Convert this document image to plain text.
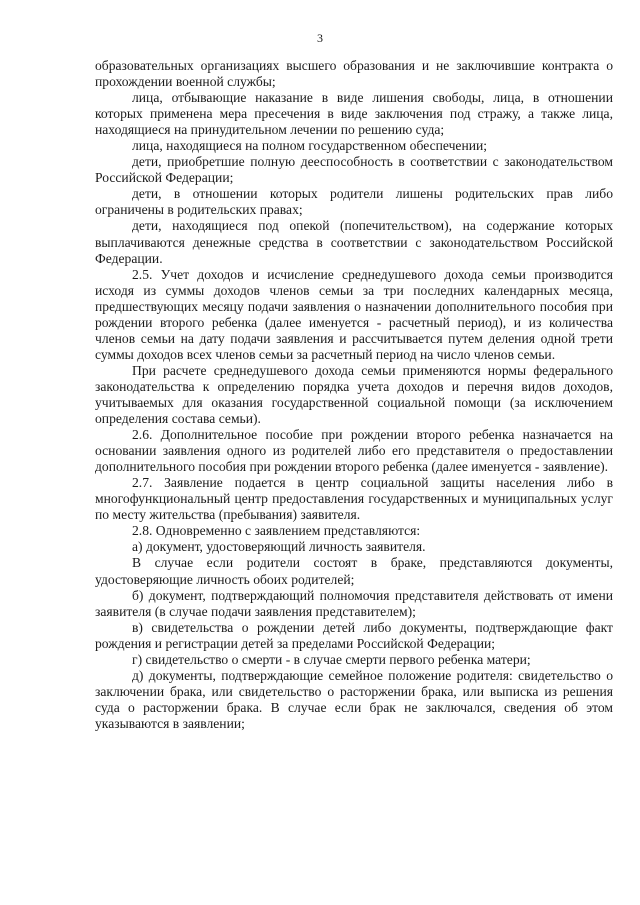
3

образовательных организациях высшего образования и не заключившие контракта о прохождении военной службы;

лица, отбывающие наказание в виде лишения свободы, лица, в отношении которых применена мера пресечения в виде заключения под стражу, а также лица, находящиеся на принудительном лечении по решению суда;

лица, находящиеся на полном государственном обеспечении;

дети, приобретшие полную дееспособность в соответствии с законодательством Российской Федерации;

дети, в отношении которых родители лишены родительских прав либо ограничены в родительских правах;

дети, находящиеся под опекой (попечительством), на содержание которых выплачиваются денежные средства в соответствии с законодательством Российской Федерации.

2.5. Учет доходов и исчисление среднедушевого дохода семьи производится исходя из суммы доходов членов семьи за три последних календарных месяца, предшествующих месяцу подачи заявления о назначении дополнительного пособия при рождении второго ребенка (далее именуется - расчетный период), и из количества членов семьи на дату подачи заявления и рассчитывается путем деления одной трети суммы доходов всех членов семьи за расчетный период на число членов семьи.

При расчете среднедушевого дохода семьи применяются нормы федерального законодательства к определению порядка учета доходов и перечня видов доходов, учитываемых для оказания государственной социальной помощи (за исключением определения состава семьи).

2.6. Дополнительное пособие при рождении второго ребенка назначается на основании заявления одного из родителей либо его представителя о предоставлении дополнительного пособия при рождении второго ребенка (далее именуется - заявление).

2.7. Заявление подается в центр социальной защиты населения либо в многофункциональный центр предоставления государственных и муниципальных услуг по месту жительства (пребывания) заявителя.

2.8. Одновременно с заявлением представляются:

а) документ, удостоверяющий личность заявителя.

В случае если родители состоят в браке, представляются документы, удостоверяющие личность обоих родителей;

б) документ, подтверждающий полномочия представителя действовать от имени заявителя (в случае подачи заявления представителем);

в) свидетельства о рождении детей либо документы, подтверждающие факт рождения и регистрации детей за пределами Российской Федерации;

г) свидетельство о смерти - в случае смерти первого ребенка матери;

д) документы, подтверждающие семейное положение родителя: свидетельство о заключении брака, или свидетельство о расторжении брака, или выписка из решения суда о расторжении брака. В случае если брак не заключался, сведения об этом указываются в заявлении;
